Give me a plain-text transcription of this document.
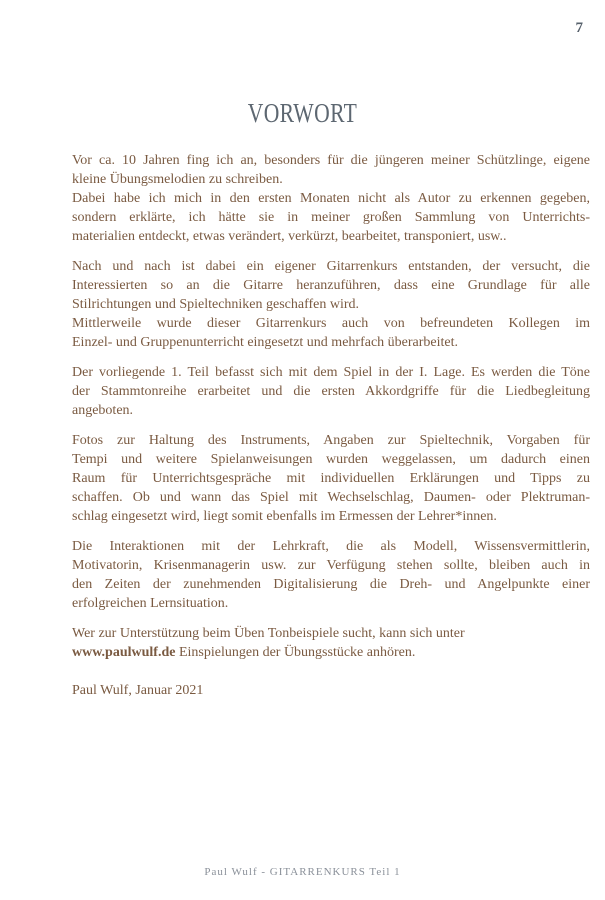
7
VORWORT
Vor ca. 10 Jahren fing ich an, besonders für die jüngeren meiner Schützlinge, eigene
kleine Übungsmelodien zu schreiben.
Dabei habe ich mich in den ersten Monaten nicht als Autor zu erkennen gegeben,
sondern erklärte, ich hätte sie in meiner großen Sammlung von Unterrichts-
materialien entdeckt, etwas verändert, verkürzt, bearbeitet, transponiert, usw..
Nach und nach ist dabei ein eigener Gitarrenkurs entstanden, der versucht, die
Interessierten so an die Gitarre heranzuführen, dass eine Grundlage für alle
Stilrichtungen und Spieltechniken geschaffen wird.
Mittlerweile wurde dieser Gitarrenkurs auch von befreundeten Kollegen im
Einzel- und Gruppenunterricht eingesetzt und mehrfach überarbeitet.
Der vorliegende 1. Teil befasst sich mit dem Spiel in der I. Lage. Es werden die Töne
der Stammtonreihe erarbeitet und die ersten Akkordgriffe für die Liedbegleitung
angeboten.
Fotos zur Haltung des Instruments, Angaben zur Spieltechnik, Vorgaben für
Tempi und weitere Spielanweisungen wurden weggelassen, um dadurch einen
Raum für Unterrichtsgespräche mit individuellen Erklärungen und Tipps zu
schaffen. Ob und wann das Spiel mit Wechselschlag, Daumen- oder Plektruman-
schlag eingesetzt wird, liegt somit ebenfalls im Ermessen der Lehrer*innen.
Die Interaktionen mit der Lehrkraft, die als Modell, Wissensvermittlerin,
Motivatorin, Krisenmanagerin usw. zur Verfügung stehen sollte, bleiben auch in
den Zeiten der zunehmenden Digitalisierung die Dreh- und Angelpunkte einer
erfolgreichen Lernsituation.
Wer zur Unterstützung beim Üben Tonbeispiele sucht, kann sich unter
www.paulwulf.de Einspielungen der Übungsstücke anhören.
Paul Wulf, Januar 2021
Paul Wulf - GITARRENKURS Teil 1
